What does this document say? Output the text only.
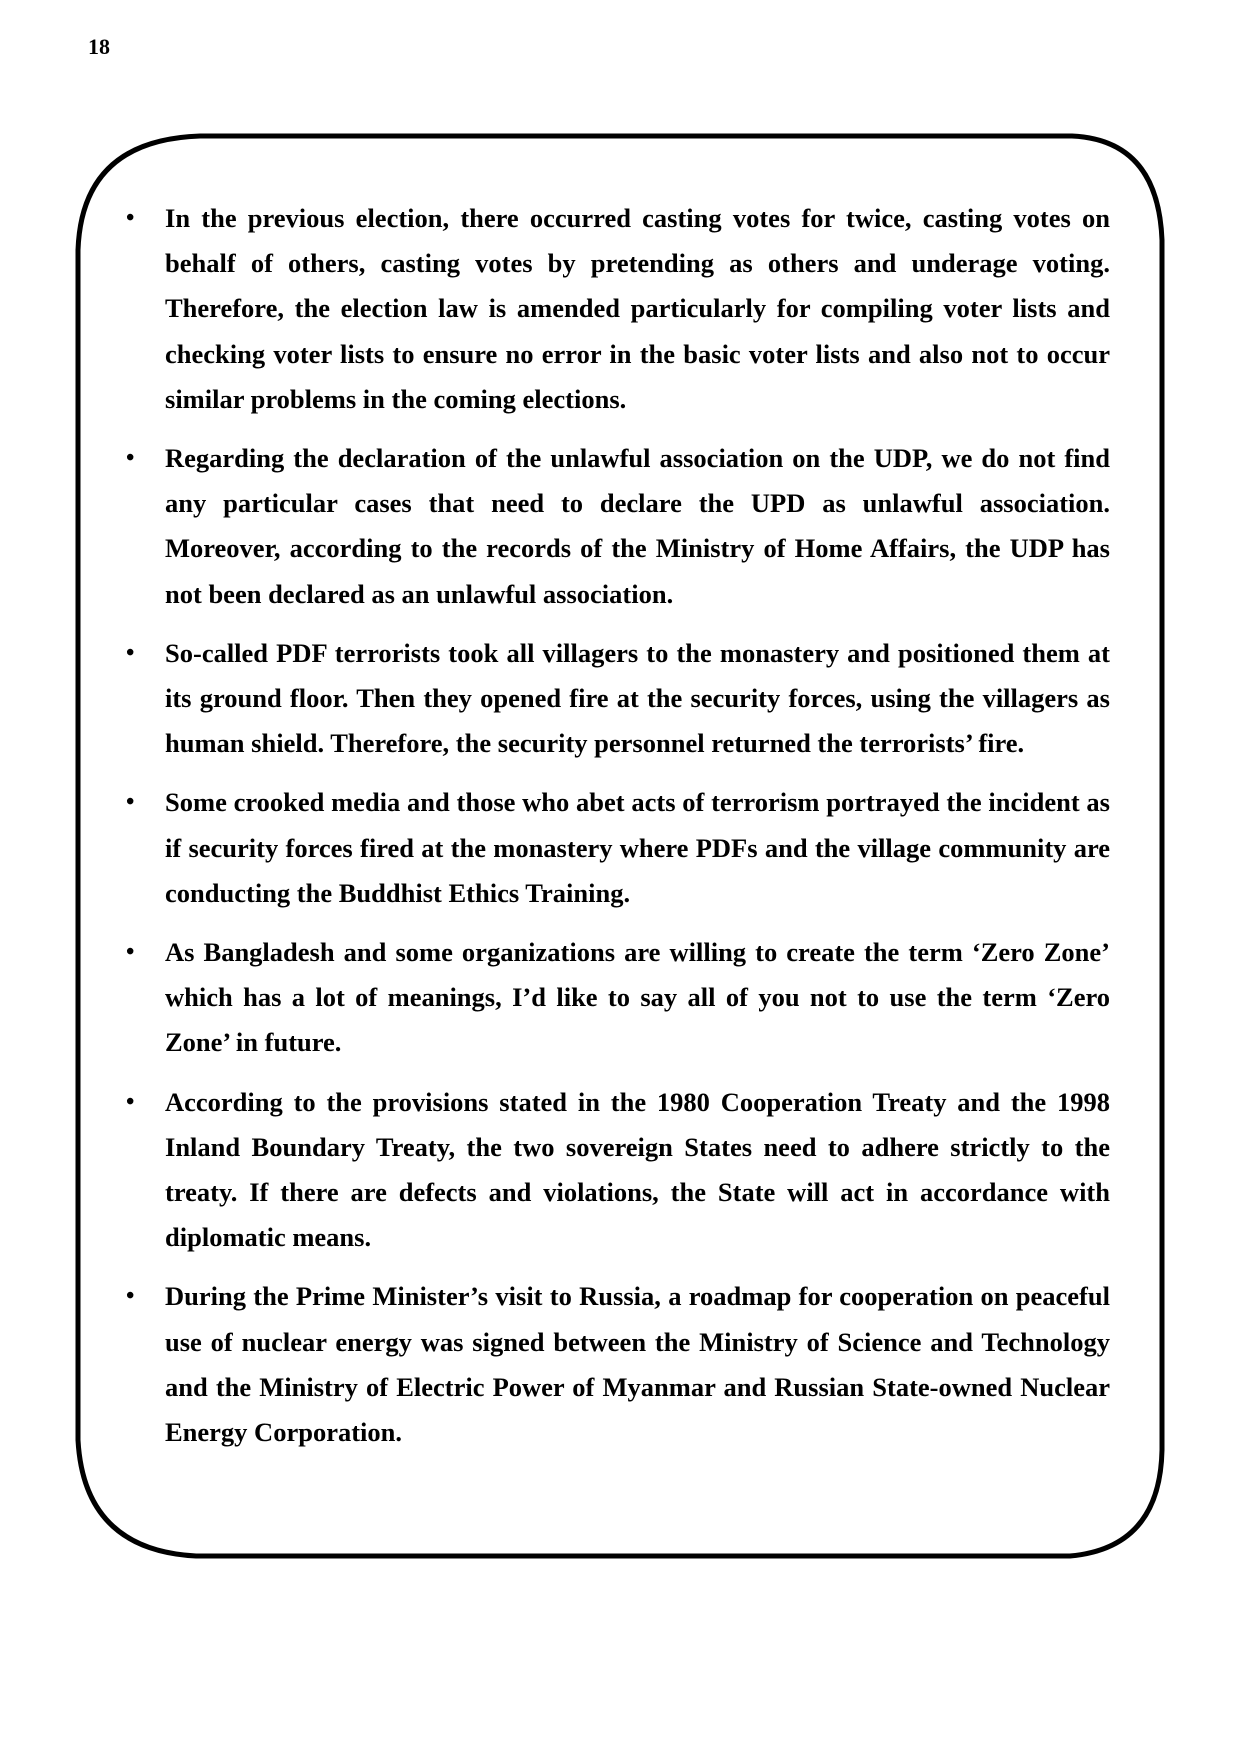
18
• In the previous election, there occurred casting votes for twice, casting votes on behalf of others, casting votes by pretending as others and underage voting. Therefore, the election law is amended particularly for compiling voter lists and checking voter lists to ensure no error in the basic voter lists and also not to occur similar problems in the coming elections.
• Regarding the declaration of the unlawful association on the UDP, we do not find any particular cases that need to declare the UPD as unlawful association. Moreover, according to the records of the Ministry of Home Affairs, the UDP has not been declared as an unlawful association.
• So-called PDF terrorists took all villagers to the monastery and positioned them at its ground floor. Then they opened fire at the security forces, using the villagers as human shield. Therefore, the security personnel returned the terrorists’ fire.
• Some crooked media and those who abet acts of terrorism portrayed the incident as if security forces fired at the monastery where PDFs and the village community are conducting the Buddhist Ethics Training.
• As Bangladesh and some organizations are willing to create the term ‘Zero Zone’ which has a lot of meanings, I’d like to say all of you not to use the term ‘Zero Zone’ in future.
• According to the provisions stated in the 1980 Cooperation Treaty and the 1998 Inland Boundary Treaty, the two sovereign States need to adhere strictly to the treaty. If there are defects and violations, the State will act in accordance with diplomatic means.
• During the Prime Minister’s visit to Russia, a roadmap for cooperation on peaceful use of nuclear energy was signed between the Ministry of Science and Technology and the Ministry of Electric Power of Myanmar and Russian State-owned Nuclear Energy Corporation.
